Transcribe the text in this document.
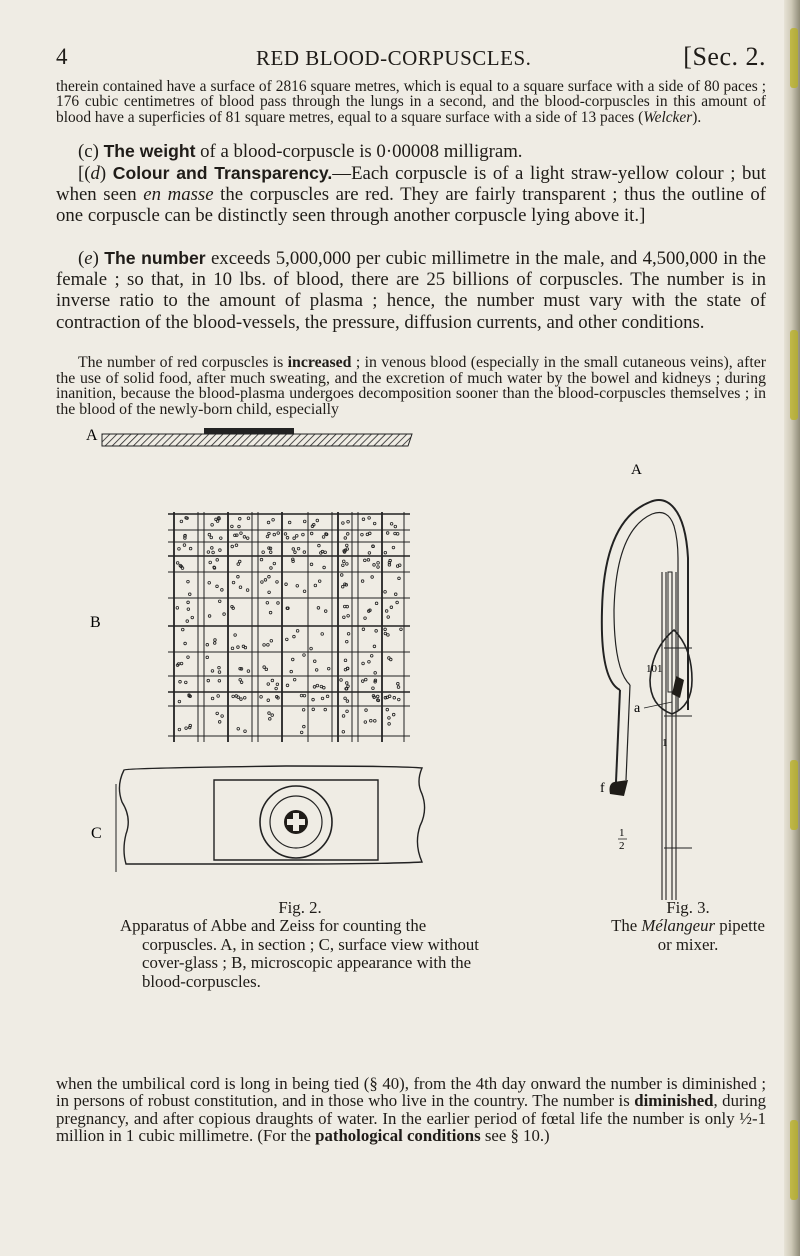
4	RED BLOOD-CORPUSCLES.	[Sec. 2.
therein contained have a surface of 2816 square metres, which is equal to a square surface with a side of 80 paces ; 176 cubic centimetres of blood pass through the lungs in a second, and the blood-corpuscles in this amount of blood have a superficies of 81 square metres, equal to a square surface with a side of 13 paces (Welcker).
(c) The weight of a blood-corpuscle is 0·00008 milligram.
[(d) Colour and Transparency.—Each corpuscle is of a light straw-yellow colour ; but when seen en masse the corpuscles are red. They are fairly transparent ; thus the outline of one corpuscle can be distinctly seen through another corpuscle lying above it.]
(e) The number exceeds 5,000,000 per cubic millimetre in the male, and 4,500,000 in the female ; so that, in 10 lbs. of blood, there are 25 billions of corpuscles. The number is in inverse ratio to the amount of plasma ; hence, the number must vary with the state of contraction of the blood-vessels, the pressure, diffusion currents, and other conditions.
The number of red corpuscles is increased ; in venous blood (especially in the small cutaneous veins), after the use of solid food, after much sweating, and the excretion of much water by the bowel and kidneys ; during inanition, because the blood-plasma undergoes decomposition sooner than the blood-corpuscles themselves ; in the blood of the newly-born child, especially
A
B
C
A
101
a
1
f
1
2
Fig. 2.
Apparatus of Abbe and Zeiss for counting the corpuscles. A, in section ; C, surface view without cover-glass ; B, microscopic appearance with the blood-corpuscles.
Fig. 3.
The Mélangeur pipette or mixer.
when the umbilical cord is long in being tied (§ 40), from the 4th day onward the number is diminished ; in persons of robust constitution, and in those who live in the country. The number is diminished, during pregnancy, and after copious draughts of water. In the earlier period of fœtal life the number is only ½-1 million in 1 cubic millimetre. (For the pathological conditions see § 10.)
